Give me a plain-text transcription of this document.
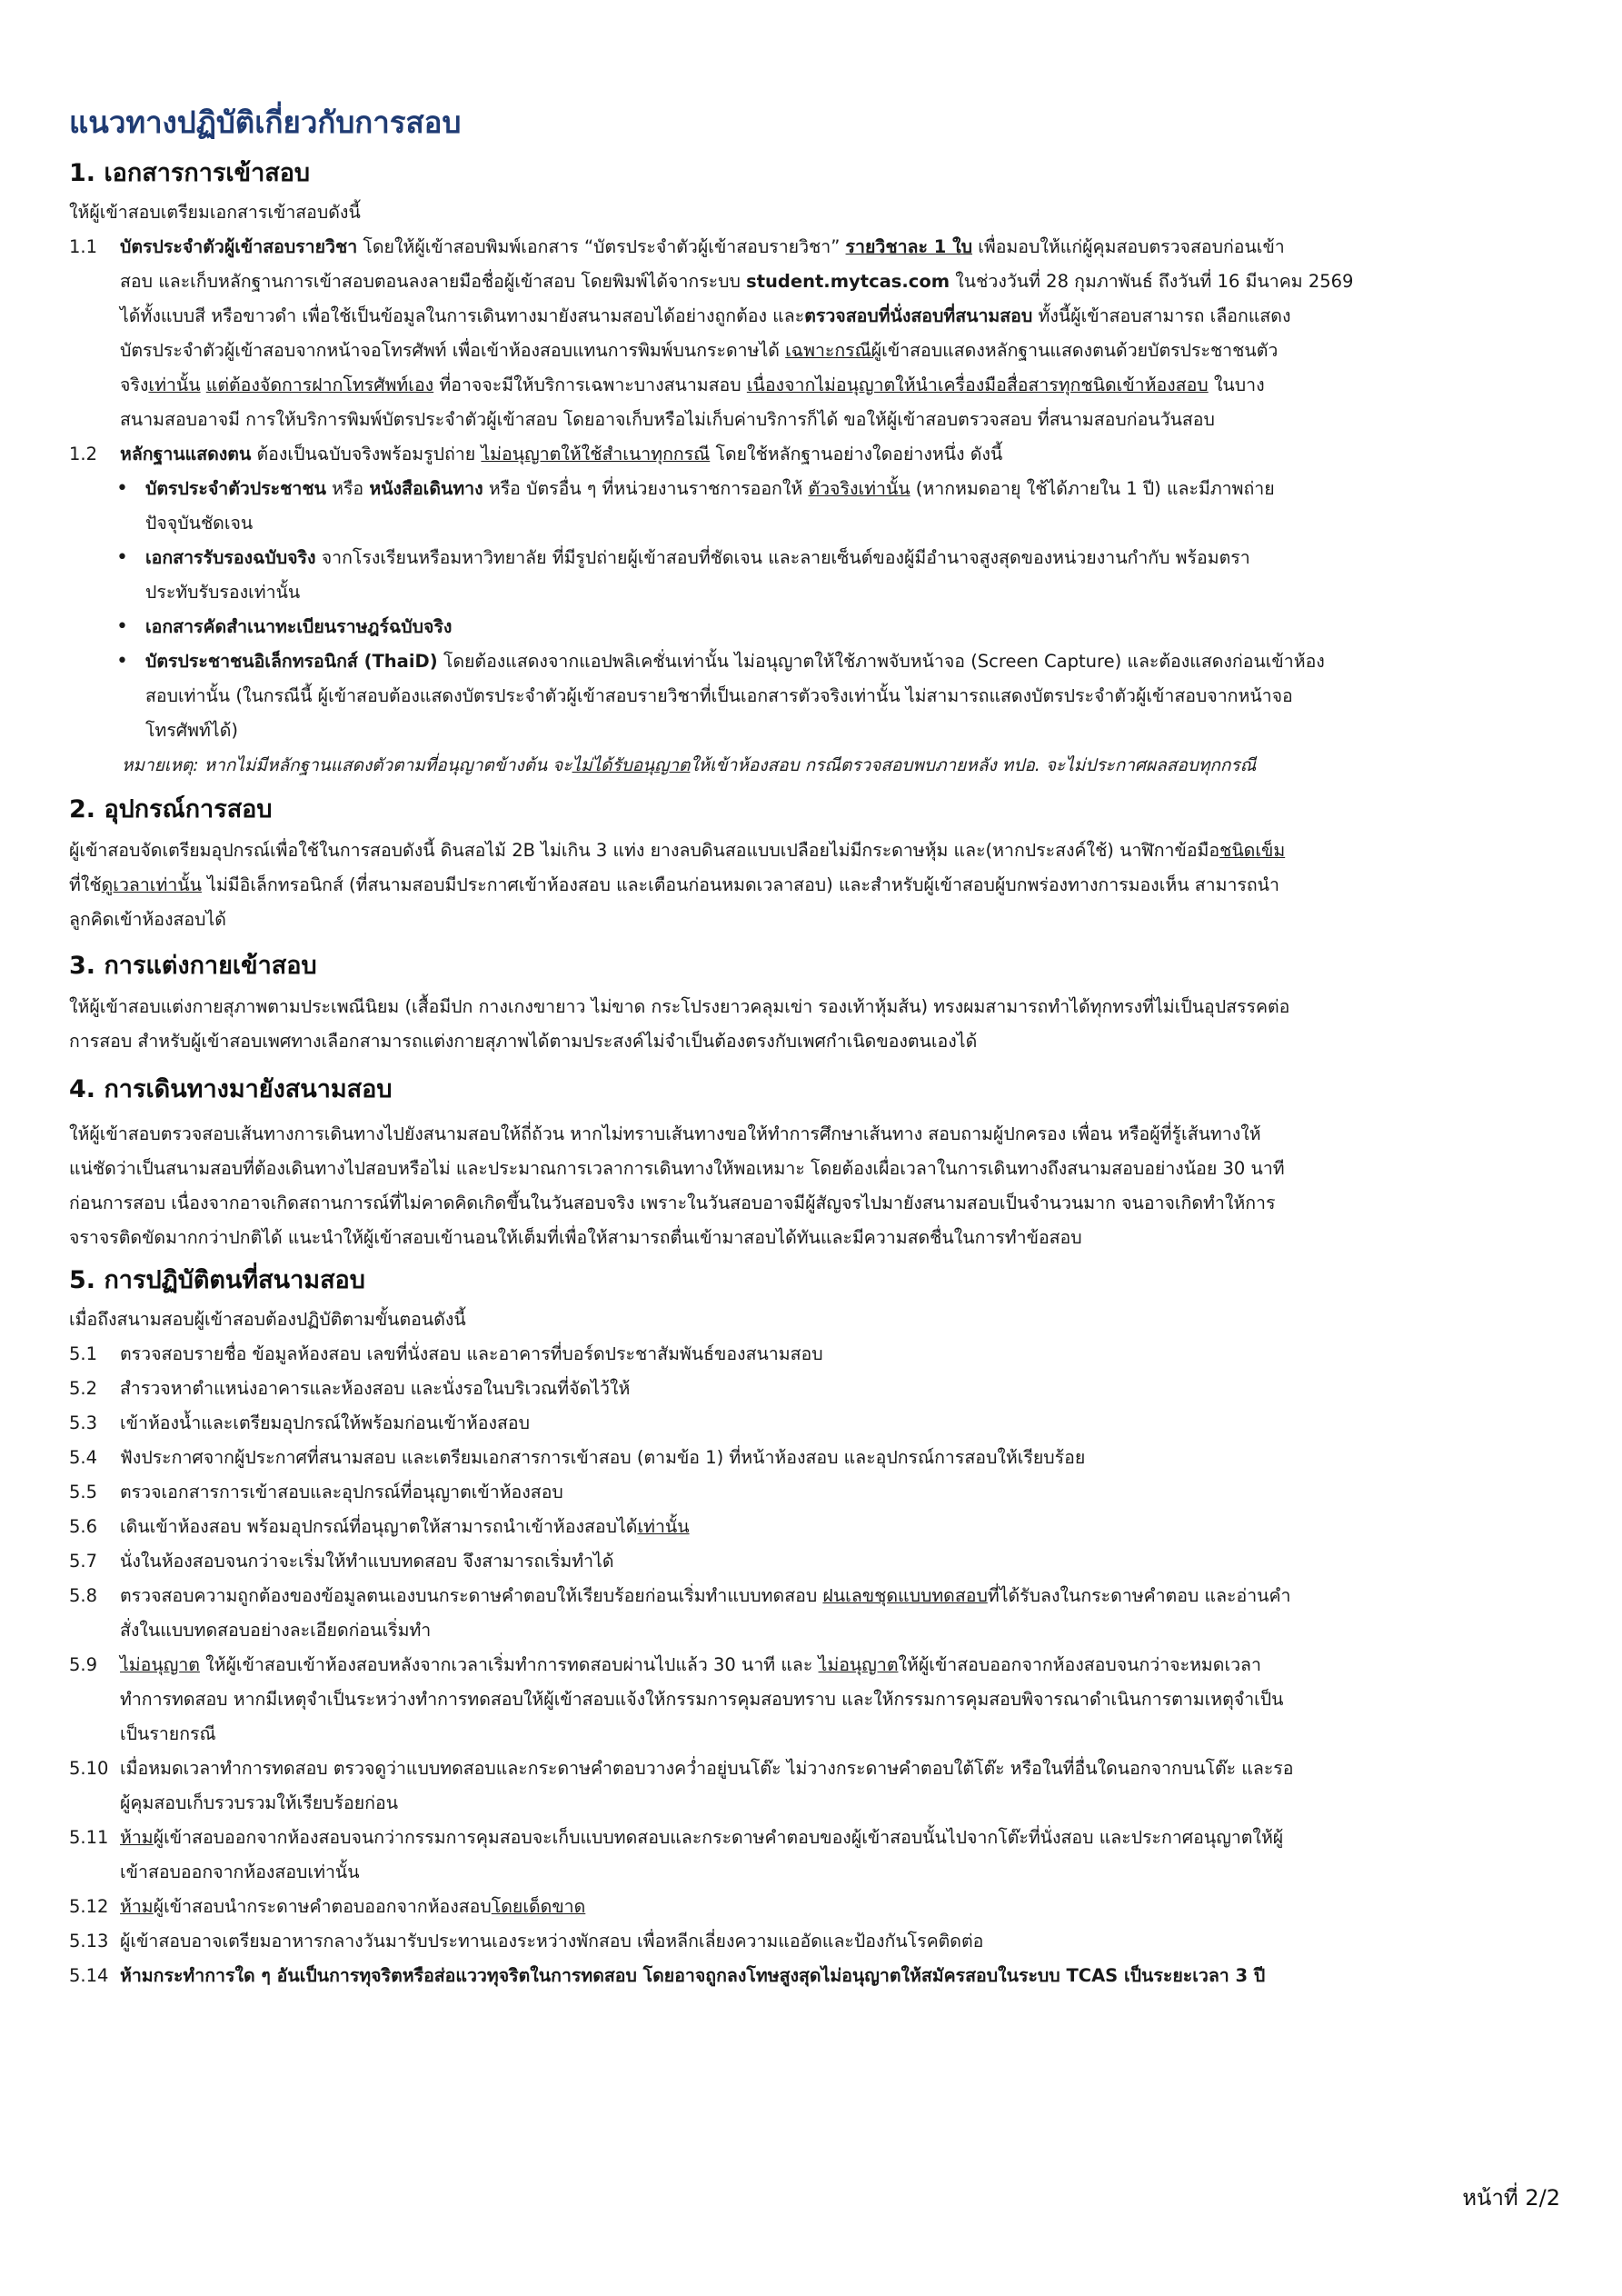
แนวทางปฏิบัติเกี่ยวกับการสอบ
1. เอกสารการเข้าสอบ
ให้ผู้เข้าสอบเตรียมเอกสารเข้าสอบดังนี้
1.1	บัตรประจำตัวผู้เข้าสอบรายวิชา โดยให้ผู้เข้าสอบพิมพ์เอกสาร “บัตรประจำตัวผู้เข้าสอบรายวิชา” รายวิชาละ 1 ใบ เพื่อมอบให้แก่ผู้คุมสอบตรวจสอบก่อนเข้า
สอบ และเก็บหลักฐานการเข้าสอบตอนลงลายมือชื่อผู้เข้าสอบ โดยพิมพ์ได้จากระบบ student.mytcas.com ในช่วงวันที่ 28 กุมภาพันธ์ ถึงวันที่ 16 มีนาคม 2569
ได้ทั้งแบบสี หรือขาวดำ เพื่อใช้เป็นข้อมูลในการเดินทางมายังสนามสอบได้อย่างถูกต้อง และตรวจสอบที่นั่งสอบที่สนามสอบ ทั้งนี้ผู้เข้าสอบสามารถ เลือกแสดง
บัตรประจำตัวผู้เข้าสอบจากหน้าจอโทรศัพท์ เพื่อเข้าห้องสอบแทนการพิมพ์บนกระดาษได้ เฉพาะกรณีผู้เข้าสอบแสดงหลักฐานแสดงตนด้วยบัตรประชาชนตัว
จริงเท่านั้น แต่ต้องจัดการฝากโทรศัพท์เอง ที่อาจจะมีให้บริการเฉพาะบางสนามสอบ เนื่องจากไม่อนุญาตให้นำเครื่องมือสื่อสารทุกชนิดเข้าห้องสอบ ในบาง
สนามสอบอาจมี การให้บริการพิมพ์บัตรประจำตัวผู้เข้าสอบ โดยอาจเก็บหรือไม่เก็บค่าบริการก็ได้ ขอให้ผู้เข้าสอบตรวจสอบ ที่สนามสอบก่อนวันสอบ
1.2	หลักฐานแสดงตน ต้องเป็นฉบับจริงพร้อมรูปถ่าย ไม่อนุญาตให้ใช้สำเนาทุกกรณี โดยใช้หลักฐานอย่างใดอย่างหนึ่ง ดังนี้
• บัตรประจำตัวประชาชน หรือ หนังสือเดินทาง หรือ บัตรอื่น ๆ ที่หน่วยงานราชการออกให้ ตัวจริงเท่านั้น (หากหมดอายุ ใช้ได้ภายใน 1 ปี) และมีภาพถ่าย
ปัจจุบันชัดเจน
• เอกสารรับรองฉบับจริง จากโรงเรียนหรือมหาวิทยาลัย ที่มีรูปถ่ายผู้เข้าสอบที่ชัดเจน และลายเซ็นต์ของผู้มีอำนาจสูงสุดของหน่วยงานกำกับ พร้อมตรา
ประทับรับรองเท่านั้น
• เอกสารคัดสำเนาทะเบียนราษฎร์ฉบับจริง
• บัตรประชาชนอิเล็กทรอนิกส์ (ThaiD) โดยต้องแสดงจากแอปพลิเคชั่นเท่านั้น ไม่อนุญาตให้ใช้ภาพจับหน้าจอ (Screen Capture) และต้องแสดงก่อนเข้าห้อง
สอบเท่านั้น (ในกรณีนี้ ผู้เข้าสอบต้องแสดงบัตรประจำตัวผู้เข้าสอบรายวิชาที่เป็นเอกสารตัวจริงเท่านั้น ไม่สามารถแสดงบัตรประจำตัวผู้เข้าสอบจากหน้าจอ
โทรศัพท์ได้)
หมายเหตุ: หากไม่มีหลักฐานแสดงตัวตามที่อนุญาตข้างต้น จะไม่ได้รับอนุญาตให้เข้าห้องสอบ กรณีตรวจสอบพบภายหลัง ทปอ. จะไม่ประกาศผลสอบทุกกรณี
2. อุปกรณ์การสอบ
ผู้เข้าสอบจัดเตรียมอุปกรณ์เพื่อใช้ในการสอบดังนี้ ดินสอไม้ 2B ไม่เกิน 3 แท่ง ยางลบดินสอแบบเปลือยไม่มีกระดาษหุ้ม และ(หากประสงค์ใช้) นาฬิกาข้อมือชนิดเข็ม
ที่ใช้ดูเวลาเท่านั้น ไม่มีอิเล็กทรอนิกส์ (ที่สนามสอบมีประกาศเข้าห้องสอบ และเตือนก่อนหมดเวลาสอบ) และสำหรับผู้เข้าสอบผู้บกพร่องทางการมองเห็น สามารถนำ
ลูกคิดเข้าห้องสอบได้
3. การแต่งกายเข้าสอบ
ให้ผู้เข้าสอบแต่งกายสุภาพตามประเพณีนิยม (เสื้อมีปก กางเกงขายาว ไม่ขาด กระโปรงยาวคลุมเข่า รองเท้าหุ้มส้น) ทรงผมสามารถทำได้ทุกทรงที่ไม่เป็นอุปสรรคต่อ
การสอบ สำหรับผู้เข้าสอบเพศทางเลือกสามารถแต่งกายสุภาพได้ตามประสงค์ไม่จำเป็นต้องตรงกับเพศกำเนิดของตนเองได้
4. การเดินทางมายังสนามสอบ
ให้ผู้เข้าสอบตรวจสอบเส้นทางการเดินทางไปยังสนามสอบให้ถี่ถ้วน หากไม่ทราบเส้นทางขอให้ทำการศึกษาเส้นทาง สอบถามผู้ปกครอง เพื่อน หรือผู้ที่รู้เส้นทางให้
แน่ชัดว่าเป็นสนามสอบที่ต้องเดินทางไปสอบหรือไม่ และประมาณการเวลาการเดินทางให้พอเหมาะ โดยต้องเผื่อเวลาในการเดินทางถึงสนามสอบอย่างน้อย 30 นาที
ก่อนการสอบ เนื่องจากอาจเกิดสถานการณ์ที่ไม่คาดคิดเกิดขึ้นในวันสอบจริง เพราะในวันสอบอาจมีผู้สัญจรไปมายังสนามสอบเป็นจำนวนมาก จนอาจเกิดทำให้การ
จราจรติดขัดมากกว่าปกติได้ แนะนำให้ผู้เข้าสอบเข้านอนให้เต็มที่เพื่อให้สามารถตื่นเข้ามาสอบได้ทันและมีความสดชื่นในการทำข้อสอบ
5. การปฏิบัติตนที่สนามสอบ
เมื่อถึงสนามสอบผู้เข้าสอบต้องปฏิบัติตามขั้นตอนดังนี้
5.1	ตรวจสอบรายชื่อ ข้อมูลห้องสอบ เลขที่นั่งสอบ และอาคารที่บอร์ดประชาสัมพันธ์ของสนามสอบ
5.2	สำรวจหาตำแหน่งอาคารและห้องสอบ และนั่งรอในบริเวณที่จัดไว้ให้
5.3	เข้าห้องน้ำและเตรียมอุปกรณ์ให้พร้อมก่อนเข้าห้องสอบ
5.4	ฟังประกาศจากผู้ประกาศที่สนามสอบ และเตรียมเอกสารการเข้าสอบ (ตามข้อ 1) ที่หน้าห้องสอบ และอุปกรณ์การสอบให้เรียบร้อย
5.5	ตรวจเอกสารการเข้าสอบและอุปกรณ์ที่อนุญาตเข้าห้องสอบ
5.6	เดินเข้าห้องสอบ พร้อมอุปกรณ์ที่อนุญาตให้สามารถนำเข้าห้องสอบได้เท่านั้น
5.7	นั่งในห้องสอบจนกว่าจะเริ่มให้ทำแบบทดสอบ จึงสามารถเริ่มทำได้
5.8	ตรวจสอบความถูกต้องของข้อมูลตนเองบนกระดาษคำตอบให้เรียบร้อยก่อนเริ่มทำแบบทดสอบ ฝนเลขชุดแบบทดสอบที่ได้รับลงในกระดาษคำตอบ และอ่านคำ
สั่งในแบบทดสอบอย่างละเอียดก่อนเริ่มทำ
5.9	ไม่อนุญาต ให้ผู้เข้าสอบเข้าห้องสอบหลังจากเวลาเริ่มทำการทดสอบผ่านไปแล้ว 30 นาที และ ไม่อนุญาตให้ผู้เข้าสอบออกจากห้องสอบจนกว่าจะหมดเวลา
ทำการทดสอบ หากมีเหตุจำเป็นระหว่างทำการทดสอบให้ผู้เข้าสอบแจ้งให้กรรมการคุมสอบทราบ และให้กรรมการคุมสอบพิจารณาดำเนินการตามเหตุจำเป็น
เป็นรายกรณี
5.10 เมื่อหมดเวลาทำการทดสอบ ตรวจดูว่าแบบทดสอบและกระดาษคำตอบวางคว่ำอยู่บนโต๊ะ ไม่วางกระดาษคำตอบใต้โต๊ะ หรือในที่อื่นใดนอกจากบนโต๊ะ และรอ
ผู้คุมสอบเก็บรวบรวมให้เรียบร้อยก่อน
5.11 ห้ามผู้เข้าสอบออกจากห้องสอบจนกว่ากรรมการคุมสอบจะเก็บแบบทดสอบและกระดาษคำตอบของผู้เข้าสอบนั้นไปจากโต๊ะที่นั่งสอบ และประกาศอนุญาตให้ผู้
เข้าสอบออกจากห้องสอบเท่านั้น
5.12 ห้ามผู้เข้าสอบนำกระดาษคำตอบออกจากห้องสอบโดยเด็ดขาด
5.13 ผู้เข้าสอบอาจเตรียมอาหารกลางวันมารับประทานเองระหว่างพักสอบ เพื่อหลีกเลี่ยงความแออัดและป้องกันโรคติดต่อ
5.14 ห้ามกระทำการใด ๆ อันเป็นการทุจริตหรือส่อแววทุจริตในการทดสอบ โดยอาจถูกลงโทษสูงสุดไม่อนุญาตให้สมัครสอบในระบบ TCAS เป็นระยะเวลา 3 ปี
หน้าที่ 2/2
